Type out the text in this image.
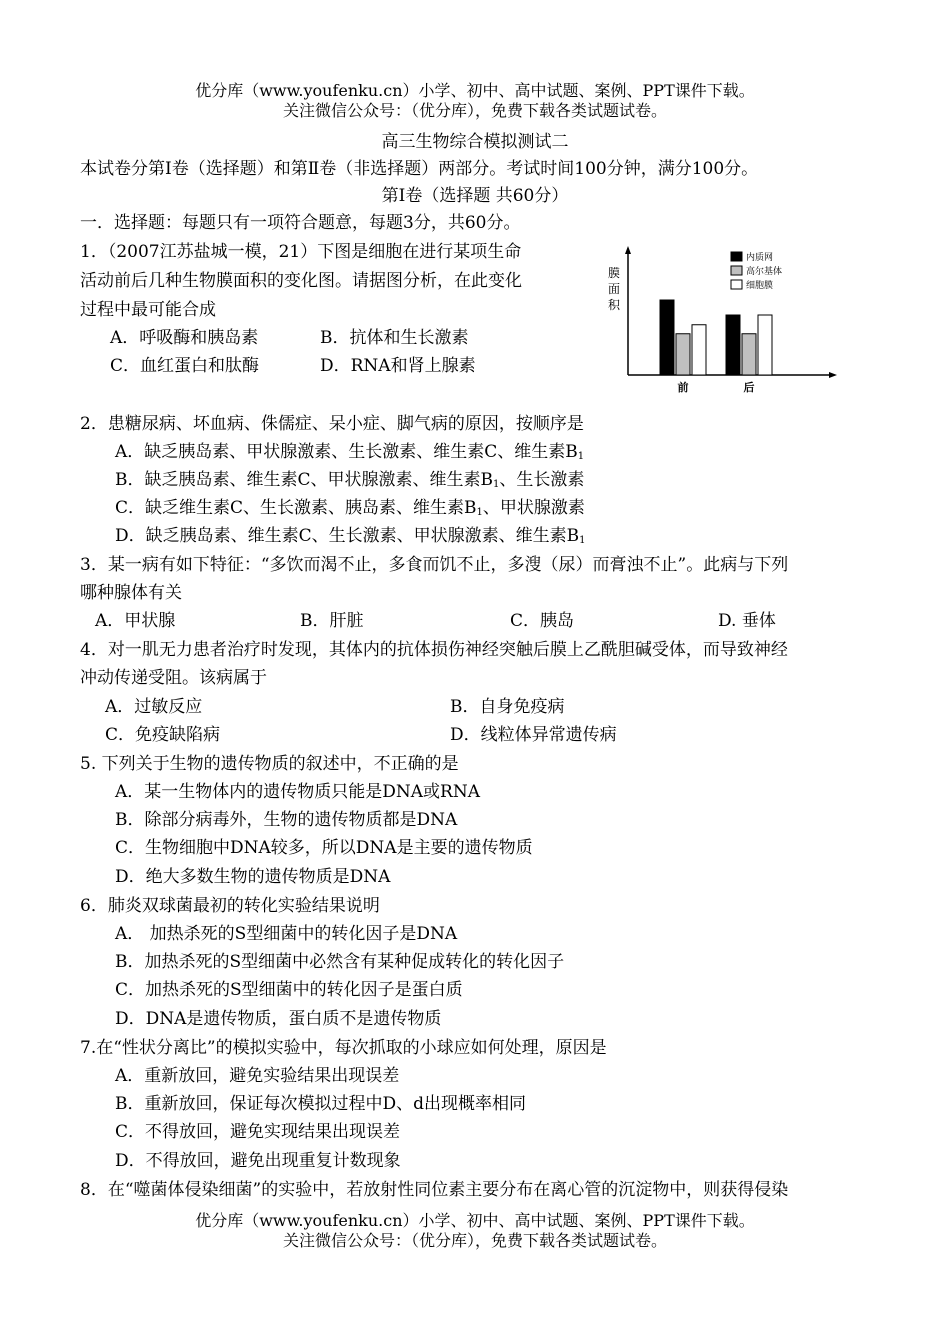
优分库（www.youfenku.cn）小学、初中、高中试题、案例、PPT课件下载。
关注微信公众号：（优分库），免费下载各类试题试卷。
高三生物综合模拟测试二
本试卷分第Ⅰ卷（选择题）和第Ⅱ卷（非选择题）两部分。考试时间100分钟，满分100分。
第Ⅰ卷（选择题 共60分）
一．选择题：每题只有一项符合题意，每题3分，共60分。
1．（2007江苏盐城一模，21）下图是细胞在进行某项生命
活动前后几种生物膜面积的变化图。请据图分析，在此变化
过程中最可能合成
A．呼吸酶和胰岛素	B．抗体和生长激素
C．血红蛋白和肽酶	D．RNA和肾上腺素
膜
面
积
前	后
内质网
高尔基体
细胞膜
2．患糖尿病、坏血病、侏儒症、呆小症、脚气病的原因，按顺序是
A．缺乏胰岛素、甲状腺激素、生长激素、维生素C、维生素$B_1$
B．缺乏胰岛素、维生素C、甲状腺激素、维生素$B_1$、生长激素
C．缺乏维生素C、生长激素、胰岛素、维生素$B_1$、甲状腺激素
D．缺乏胰岛素、维生素C、生长激素、甲状腺激素、维生素$B_1$
3．某一病有如下特征：“多饮而渴不止，多食而饥不止，多溲（尿）而膏浊不止”。此病与下列
哪种腺体有关
A．甲状腺	B．肝脏	C．胰岛	D. 垂体
4．对一肌无力患者治疗时发现，其体内的抗体损伤神经突触后膜上乙酰胆碱受体，而导致神经
冲动传递受阻。该病属于
A．过敏反应	B．自身免疫病
C．免疫缺陷病	D．线粒体异常遗传病
5. 下列关于生物的遗传物质的叙述中，不正确的是
A．某一生物体内的遗传物质只能是DNA或RNA
B．除部分病毒外，生物的遗传物质都是DNA
C．生物细胞中DNA较多，所以DNA是主要的遗传物质
D．绝大多数生物的遗传物质是DNA
6．肺炎双球菌最初的转化实验结果说明
A． 加热杀死的S型细菌中的转化因子是DNA
B．加热杀死的S型细菌中必然含有某种促成转化的转化因子
C．加热杀死的S型细菌中的转化因子是蛋白质
D．DNA是遗传物质，蛋白质不是遗传物质
7.在“性状分离比”的模拟实验中，每次抓取的小球应如何处理，原因是
A．重新放回，避免实验结果出现误差
B．重新放回，保证每次模拟过程中D、d出现概率相同
C．不得放回，避免实现结果出现误差
D．不得放回，避免出现重复计数现象
8．在“噬菌体侵染细菌”的实验中，若放射性同位素主要分布在离心管的沉淀物中，则获得侵染
优分库（www.youfenku.cn）小学、初中、高中试题、案例、PPT课件下载。
关注微信公众号：（优分库），免费下载各类试题试卷。
